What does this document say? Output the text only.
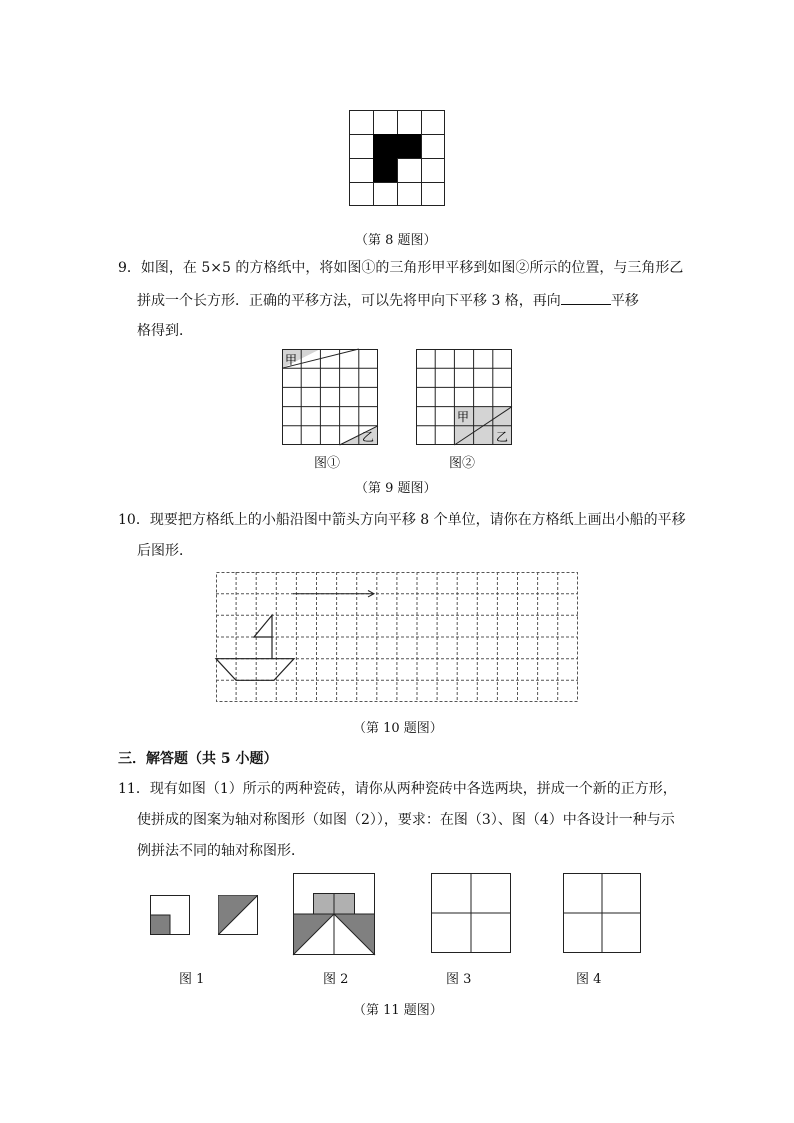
（第 8 题图）
9．如图，在 5×5 的方格纸中，将如图①的三角形甲平移到如图②所示的位置，与三角形乙
拼成一个长方形．正确的平移方法，可以先将甲向下平移 3 格，再向	平移
格得到．
甲
乙
图①
甲
乙
图②
（第 9 题图）
10．现要把方格纸上的小船沿图中箭头方向平移 8 个单位，请你在方格纸上画出小船的平移
后图形．
（第 10 题图）
三．解答题（共 5 小题）
11．现有如图（1）所示的两种瓷砖，请你从两种瓷砖中各选两块，拼成一个新的正方形，
使拼成的图案为轴对称图形（如图（2）），要求：在图（3）、图（4）中各设计一种与示
例拼法不同的轴对称图形．
图 1	图 2	图 3	图 4
（第 11 题图）
